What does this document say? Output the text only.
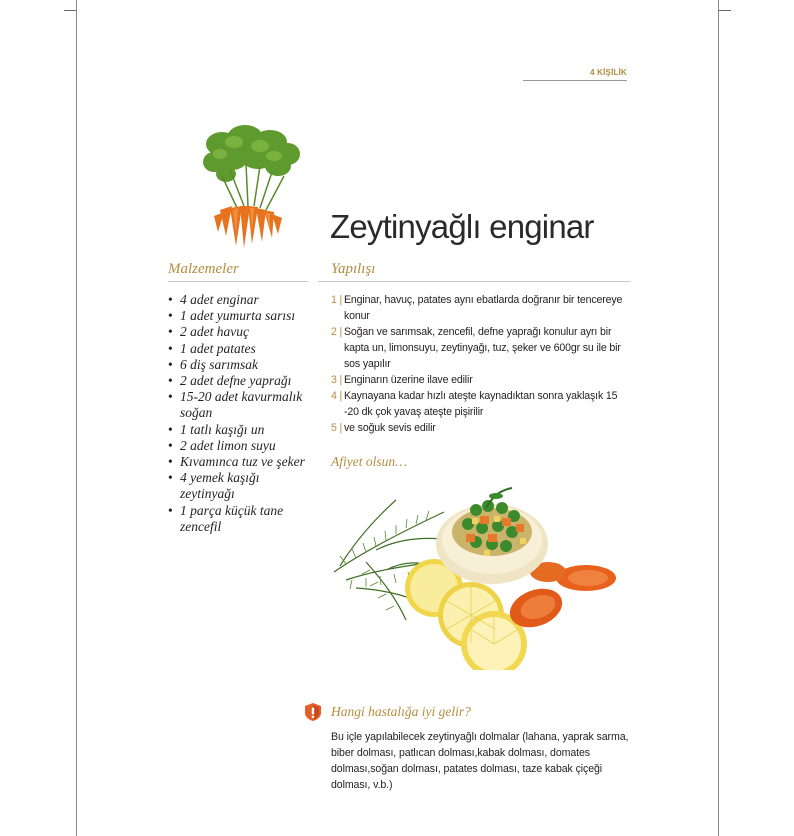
4 KİŞİLİK
Zeytinyağlı enginar
Malzemeler
• 4 adet enginar
• 1 adet yumurta sarısı
• 2 adet havuç
• 1 adet patates
• 6 diş sarımsak
• 2 adet defne yaprağı
• 15-20 adet kavurmalık soğan
• 1 tatlı kaşığı un
• 2 adet limon suyu
• Kıvamınca tuz ve şeker
• 4 yemek kaşığı zeytinyağı
• 1 parça küçük tane zencefil
Yapılışı
1 | Enginar, havuç, patates aynı ebatlarda doğranır bir tencereye konur
2 | Soğan ve sarımsak, zencefil, defne yaprağı konulur ayrı bir kapta un, limonsuyu, zeytinyağı, tuz, şeker ve 600gr su ile bir sos yapılır
3 | Enginarın üzerine ilave edilir
4 | Kaynayana kadar hızlı ateşte kaynadıktan sonra yaklaşık 15 -20 dk çok yavaş ateşte pişirilir
5 | ve soğuk sevis edilir
Afiyet olsun…
Hangi hastalığa iyi gelir?
Bu içle yapılabilecek zeytinyağlı dolmalar (lahana, yaprak sarma, biber dolması, patlıcan dolması,kabak dolması, domates dolması,soğan dolması, patates dolması, taze kabak çiçeği dolması, v.b.)
